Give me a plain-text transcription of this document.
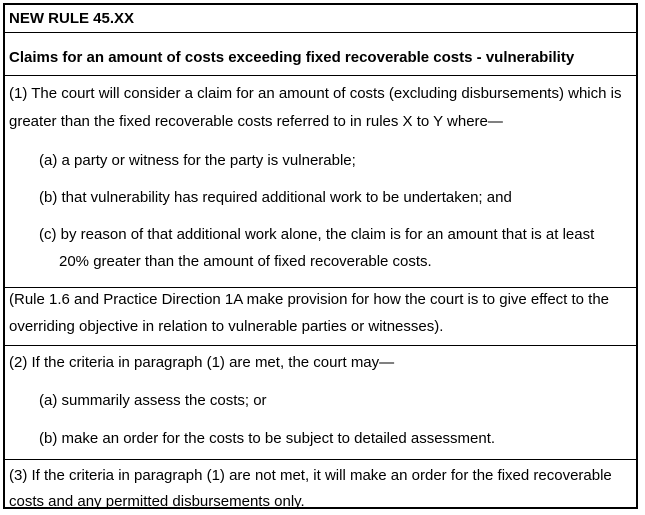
NEW RULE 45.XX
Claims for an amount of costs exceeding fixed recoverable costs - vulnerability
(1) The court will consider a claim for an amount of costs (excluding disbursements) which is
greater than the fixed recoverable costs referred to in rules X to Y where—
(a) a party or witness for the party is vulnerable;
(b) that vulnerability has required additional work to be undertaken; and
(c) by reason of that additional work alone, the claim is for an amount that is at least
20% greater than the amount of fixed recoverable costs.
(Rule 1.6 and Practice Direction 1A make provision for how the court is to give effect to the
overriding objective in relation to vulnerable parties or witnesses).
(2) If the criteria in paragraph (1) are met, the court may—
(a) summarily assess the costs; or
(b) make an order for the costs to be subject to detailed assessment.
(3) If the criteria in paragraph (1) are not met, it will make an order for the fixed recoverable
costs and any permitted disbursements only.
